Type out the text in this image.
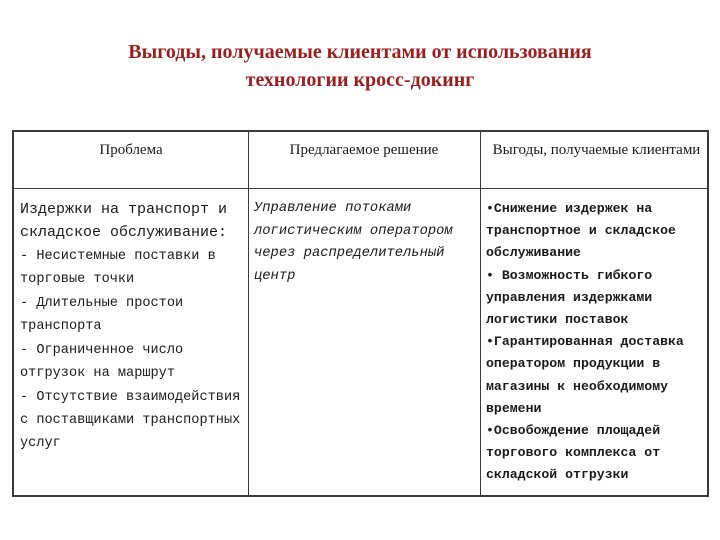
Выгоды, получаемые клиентами от использования
технологии кросс-докинг
Проблема	Предлагаемое решение	Выгоды, получаемые клиентами
Издержки на транспорт и складское обслуживание:
- Несистемные поставки в торговые точки
- Длительные простои транспорта
- Ограниченное число отгрузок на маршрут
- Отсутствие взаимодействия с поставщиками транспортных услуг
Управление потоками логистическим оператором через распределительный центр
•Снижение издержек на транспортное и складское обслуживание
• Возможность гибкого управления издержками логистики поставок
•Гарантированная доставка оператором продукции в магазины к необходимому времени
•Освобождение площадей торгового комплекса от складской отгрузки
